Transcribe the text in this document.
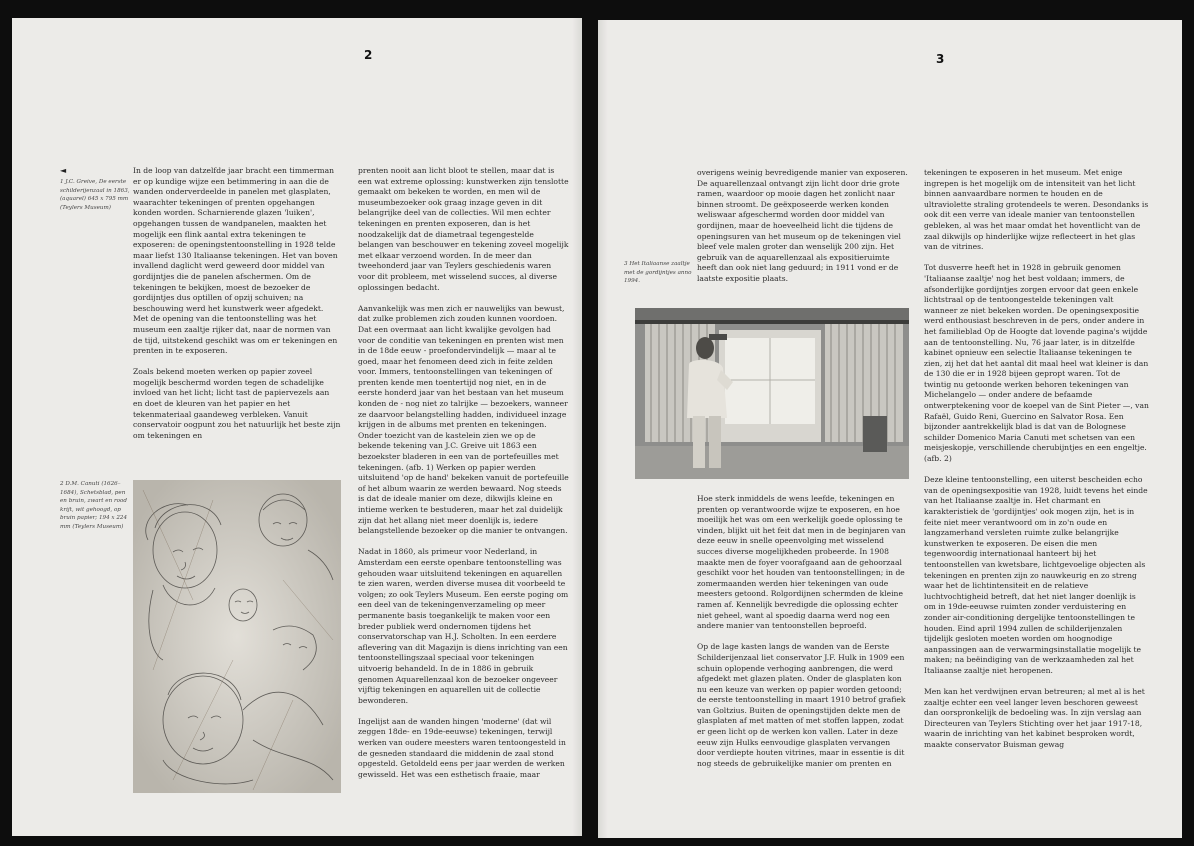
2
◄
1 J.C. Greive, De eerste schilderijenzaal in 1863, (aquarel) 645 x 795 mm (Teylers Museum)

In de loop van datzelfde jaar bracht een timmerman er op kundige wijze een betimmering in aan die de wanden onderverdeelde in panelen met glasplaten, waarachter tekeningen of prenten opgehangen konden worden. Scharnierende glazen 'luiken', opgehangen tussen de wandpanelen, maakten het mogelijk een flink aantal extra tekeningen te exposeren: de openingstentoonstelling in 1928 telde maar liefst 130 Italiaanse tekeningen. Het van boven invallend daglicht werd geweerd door middel van gordijntjes die de panelen afschermen. Om de tekeningen te bekijken, moest de bezoeker de gordijntjes dus optillen of opzij schuiven; na beschouwing werd het kunstwerk weer afgedekt. Met de opening van die tentoonstelling was het museum een zaaltje rijker dat, naar de normen van de tijd, uitstekend geschikt was om er tekeningen en prenten in te exposeren.

Zoals bekend moeten werken op papier zoveel mogelijk beschermd worden tegen de schadelijke invloed van het licht; licht tast de papiervezels aan en doet de kleuren van het papier en het tekenmateriaal gaandeweg verbleken. Vanuit conservatoir oogpunt zou het natuurlijk het beste zijn om tekeningen en

2 D.M. Canuti (1626–1684), Schetsblad, pen en bruin, zwart en rood krijt, wit gehoogd, op bruin papier; 194 x 224 mm (Teylers Museum)

prenten nooit aan licht bloot te stellen, maar dat is een wat extreme oplossing: kunstwerken zijn tenslotte gemaakt om bekeken te worden, en men wil de museumbezoeker ook graag inzage geven in dit belangrijke deel van de collecties. Wil men echter tekeningen en prenten exposeren, dan is het noodzakelijk dat de diametraal tegengestelde belangen van beschouwer en tekening zoveel mogelijk met elkaar verzoend worden. In de meer dan tweehonderd jaar van Teylers geschiedenis waren voor dit probleem, met wisselend succes, al diverse oplossingen bedacht.

Aanvankelijk was men zich er nauwelijks van bewust, dat zulke problemen zich zouden kunnen voordoen. Dat een overmaat aan licht kwalijke gevolgen had voor de conditie van tekeningen en prenten wist men in de 18de eeuw - proefondervindelijk — maar al te goed, maar het fenomeen deed zich in feite zelden voor. Immers, tentoonstellingen van tekeningen of prenten kende men toentertijd nog niet, en in de eerste honderd jaar van het bestaan van het museum konden de - nog niet zo talrijke — bezoekers, wanneer ze daarvoor belangstelling hadden, individueel inzage krijgen in de albums met prenten en tekeningen. Onder toezicht van de kastelein zien we op de bekende tekening van J.C. Greive uit 1863 een bezoekster bladeren in een van de portefeuilles met tekeningen. (afb. 1) Werken op papier werden uitsluitend 'op de hand' bekeken vanuit de portefeuille of het album waarin ze werden bewaard. Nog steeds is dat de ideale manier om deze, dikwijls kleine en intieme werken te bestuderen, maar het zal duidelijk zijn dat het allang niet meer doenlijk is, iedere belangstellende bezoeker op die manier te ontvangen.

Nadat in 1860, als primeur voor Nederland, in Amsterdam een eerste openbare tentoonstelling was gehouden waar uitsluitend tekeningen en aquarellen te zien waren, werden diverse musea dit voorbeeld te volgen; zo ook Teylers Museum. Een eerste poging om een deel van de tekeningenverzameling op meer permanente basis toegankelijk te maken voor een breder publiek werd ondernomen tijdens het conservatorschap van H.J. Scholten. In een eerdere aflevering van dit Magazijn is diens inrichting van een tentoonstellingszaal speciaal voor tekeningen uitvoerig behandeld. In de in 1886 in gebruik genomen Aquarellenzaal kon de bezoeker ongeveer vijftig tekeningen en aquarellen uit de collectie bewonderen.

Ingelijst aan de wanden hingen 'moderne' (dat wil zeggen 18de- en 19de-eeuwse) tekeningen, terwijl werken van oudere meesters waren tentoongesteld in de gesneden standaard die middenin de zaal stond opgesteld. Getoldeld eens per jaar werden de werken gewisseld. Het was een esthetisch fraaie, maar

3
3 Het Italiaanse zaaltje met de gordijntjes anno 1994.

overigens weinig bevredigende manier van exposeren. De aquarellenzaal ontvangt zijn licht door drie grote ramen, waardoor op mooie dagen het zonlicht naar binnen stroomt. De geëxposeerde werken konden weliswaar afgeschermd worden door middel van gordijnen, maar de hoeveelheid licht die tijdens de openingsuren van het museum op de tekeningen viel bleef vele malen groter dan wenselijk 200 zijn. Het gebruik van de aquarellenzaal als expositieruimte heeft dan ook niet lang geduurd; in 1911 vond er de laatste expositie plaats.

Hoe sterk inmiddels de wens leefde, tekeningen en prenten op verantwoorde wijze te exposeren, en hoe moeilijk het was om een werkelijk goede oplossing te vinden, blijkt uit het feit dat men in de beginjaren van deze eeuw in snelle opeenvolging met wisselend succes diverse mogelijkheden probeerde. In 1908 maakte men de foyer voorafgaand aan de gehoorzaal geschikt voor het houden van tentoonstellingen; in de zomermaanden werden hier tekeningen van oude meesters getoond. Rolgordijnen schermden de kleine ramen af. Kennelijk bevredigde die oplossing echter niet geheel, want al spoedig daarna werd nog een andere manier van tentoonstellen beproefd.

Op de lage kasten langs de wanden van de Eerste Schilderijenzaal liet conservator J.F. Hulk in 1909 een schuin oplopende verhoging aanbrengen, die werd afgedekt met glazen platen. Onder de glasplaten kon nu een keuze van werken op papier worden getoond; de eerste tentoonstelling in maart 1910 betrof grafiek van Goltzius. Buiten de openingstijden dekte men de glasplaten af met matten of met stoffen lappen, zodat er geen licht op de werken kon vallen. Later in deze eeuw zijn Hulks eenvoudige glasplaten vervangen door verdiepte houten vitrines, maar in essentie is dit nog steeds de gebruikelijke manier om prenten en

tekeningen te exposeren in het museum. Met enige ingrepen is het mogelijk om de intensiteit van het licht binnen aanvaardbare normen te houden en de ultraviolette straling grotendeels te weren. Desondanks is ook dit een verre van ideale manier van tentoonstellen gebleken, al was het maar omdat het hoventlicht van de zaal dikwijls op hinderlijke wijze reflecteert in het glas van de vitrines.

Tot dusverre heeft het in 1928 in gebruik genomen 'Italiaanse zaaltje' nog het best voldaan; immers, de afsonderlijke gordijntjes zorgen ervoor dat geen enkele lichtstraal op de tentoongestelde tekeningen valt wanneer ze niet bekeken worden. De openingsexpositie werd enthousiast beschreven in de pers, onder andere in het familieblad Op de Hoogte dat lovende pagina's wijdde aan de tentoonstelling. Nu, 76 jaar later, is in ditzelfde kabinet opnieuw een selectie Italiaanse tekeningen te zien, zij het dat het aantal dit maal heel wat kleiner is dan de 130 die er in 1928 bijeen gepropt waren. Tot de twintig nu getoonde werken behoren tekeningen van Michelangelo — onder andere de befaamde ontwerptekening voor de koepel van de Sint Pieter —, van Rafaël, Guido Reni, Guercino en Salvator Rosa. Een bijzonder aantrekkelijk blad is dat van de Bolognese schilder Domenico Maria Canuti met schetsen van een meisjeskopje, verschillende cherubijntjes en een engeltje. (afb. 2)

Deze kleine tentoonstelling, een uiterst bescheiden echo van de openingsexpositie van 1928, luidt tevens het einde van het Italiaanse zaaltje in. Het charmant en karakteristiek de 'gordijntjes' ook mogen zijn, het is in feite niet meer verantwoord om in zo'n oude en langzamerhand versleten ruimte zulke belangrijke kunstwerken te exposeren. De eisen die men tegenwoordig internationaal hanteert bij het tentoonstellen van kwetsbare, lichtgevoelige objecten als tekeningen en prenten zijn zo nauwkeurig en zo streng waar het de lichtintensiteit en de relatieve luchtvochtigheid betreft, dat het niet langer doenlijk is om in 19de-eeuwse ruimten zonder verduistering en zonder air-conditioning dergelijke tentoonstellingen te houden. Eind april 1994 zullen de schilderijenzalen tijdelijk gesloten moeten worden om hoognodige aanpassingen aan de verwarmingsinstallatie mogelijk te maken; na beëindiging van de werkzaamheden zal het Italiaanse zaaltje niet heropenen.

Men kan het verdwijnen ervan betreuren; al met al is het zaaltje echter een veel langer leven beschoren geweest dan oorspronkelijk de bedoeling was. In zijn verslag aan Directeuren van Teylers Stichting over het jaar 1917-18, waarin de inrichting van het kabinet besproken wordt, maakte conservator Buisman gewag
